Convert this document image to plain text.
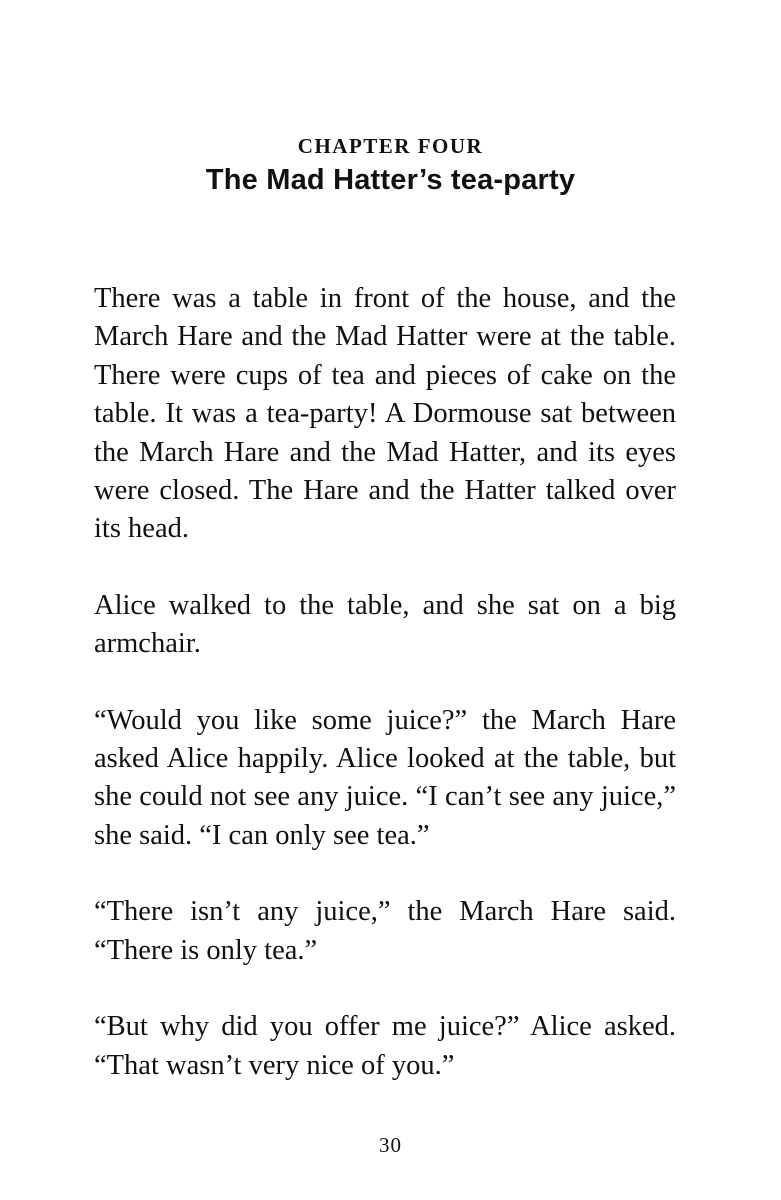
CHAPTER FOUR
The Mad Hatter’s tea-party

There was a table in front of the house, and the March Hare and the Mad Hatter were at the table. There were cups of tea and pieces of cake on the table. It was a tea-party! A Dormouse sat between the March Hare and the Mad Hatter, and its eyes were closed. The Hare and the Hatter talked over its head.

Alice walked to the table, and she sat on a big armchair.

“Would you like some juice?” the March Hare asked Alice happily. Alice looked at the table, but she could not see any juice. “I can’t see any juice,” she said. “I can only see tea.”

“There isn’t any juice,” the March Hare said. “There is only tea.”

“But why did you offer me juice?” Alice asked. “That wasn’t very nice of you.”

30
